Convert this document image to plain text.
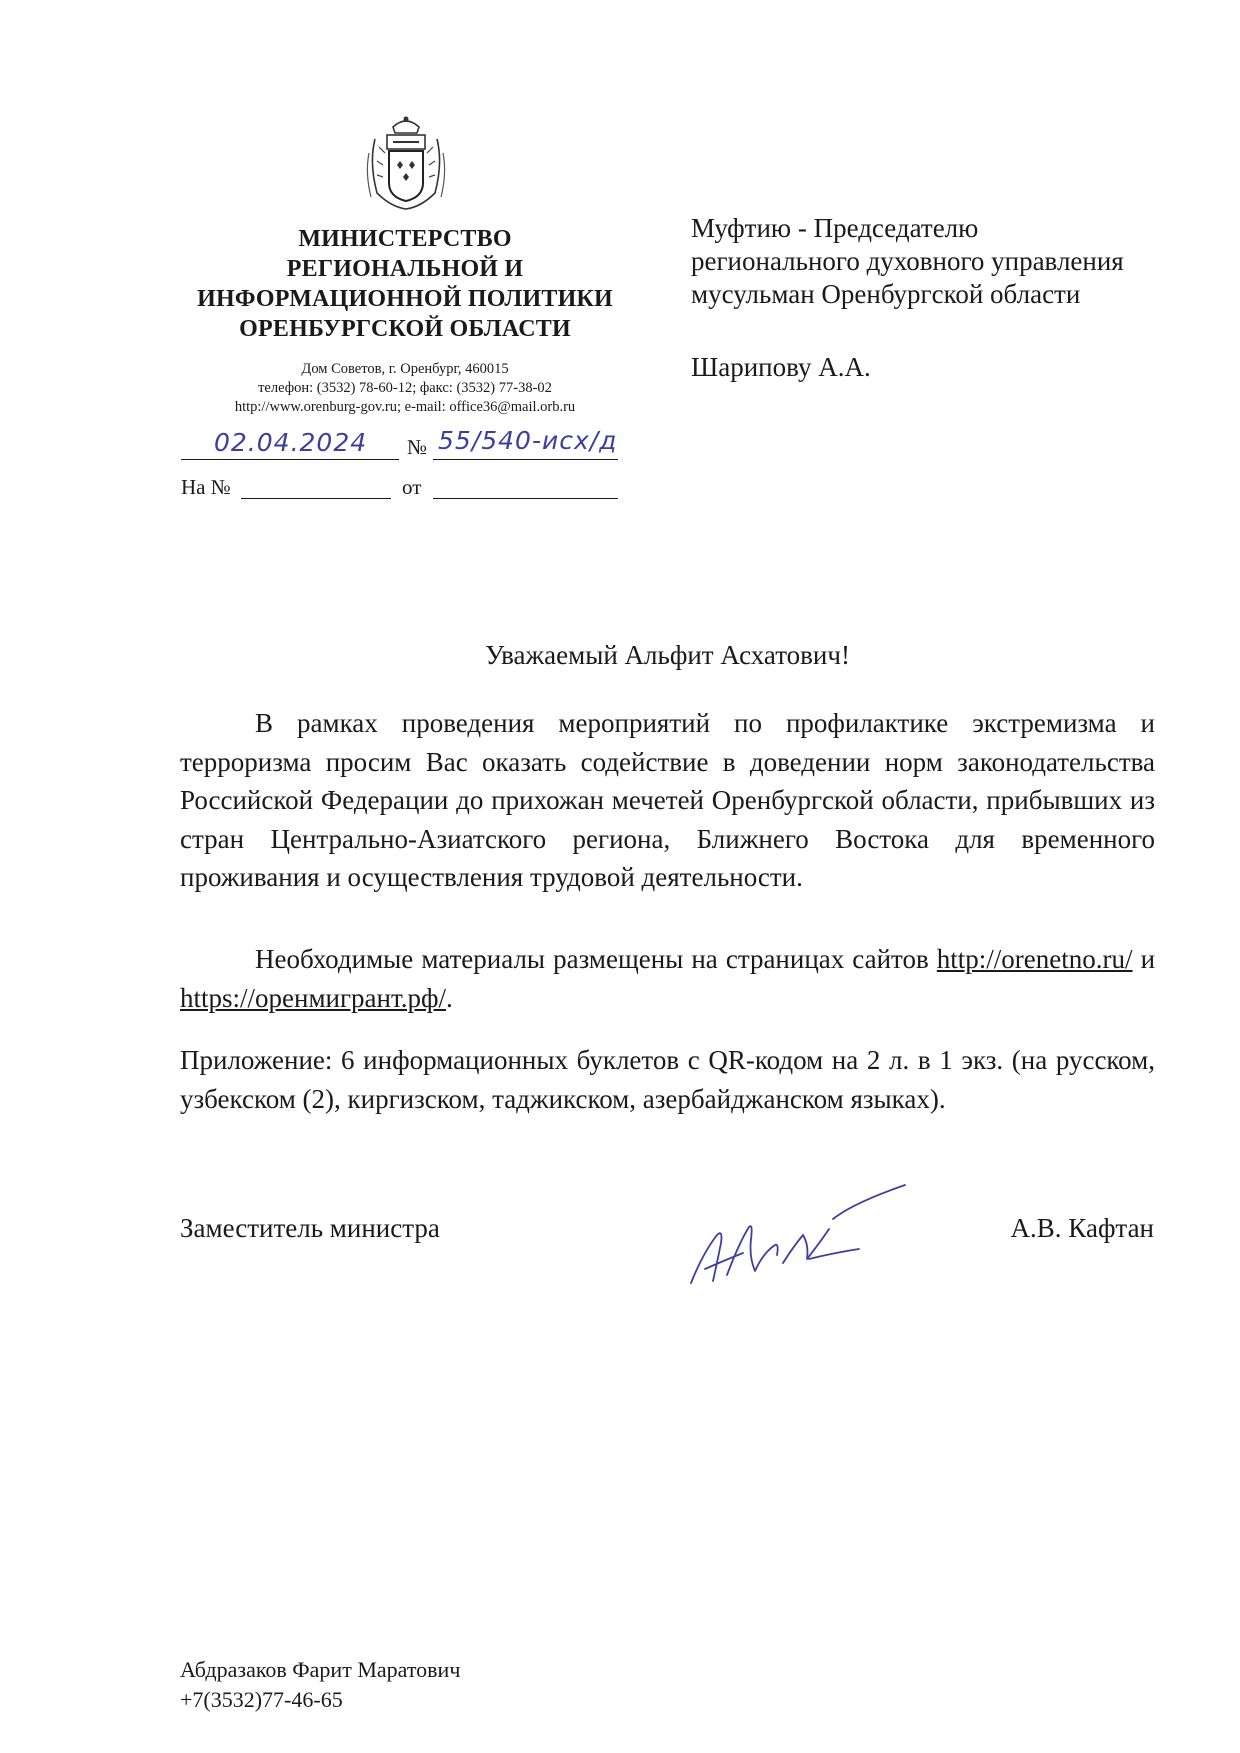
МИНИСТЕРСТВО
РЕГИОНАЛЬНОЙ И
ИНФОРМАЦИОННОЙ ПОЛИТИКИ
ОРЕНБУРГСКОЙ ОБЛАСТИ
Дом Советов, г. Оренбург, 460015
телефон: (3532) 78-60-12; факс: (3532) 77-38-02
http://www.orenburg-gov.ru; e-mail: office36@mail.orb.ru
02.04.2024 № 55/540-исх/д
На №	от
Муфтию - Председателю
регионального духовного управления
мусульман Оренбургской области
Шарипову А.А.
Уважаемый Альфит Асхатович!
В рамках проведения мероприятий по профилактике экстремизма и терроризма просим Вас оказать содействие в доведении норм законодательства Российской Федерации до прихожан мечетей Оренбургской области, прибывших из стран Центрально-Азиатского региона, Ближнего Востока для временного проживания и осуществления трудовой деятельности.
Необходимые материалы размещены на страницах сайтов http://orenetno.ru/ и https://оренмигрант.рф/.
Приложение: 6 информационных буклетов с QR-кодом на 2 л. в 1 экз. (на русском, узбекском (2), киргизском, таджикском, азербайджанском языках).
Заместитель министра	А.В. Кафтан
Абдразаков Фарит Маратович
+7(3532)77-46-65
